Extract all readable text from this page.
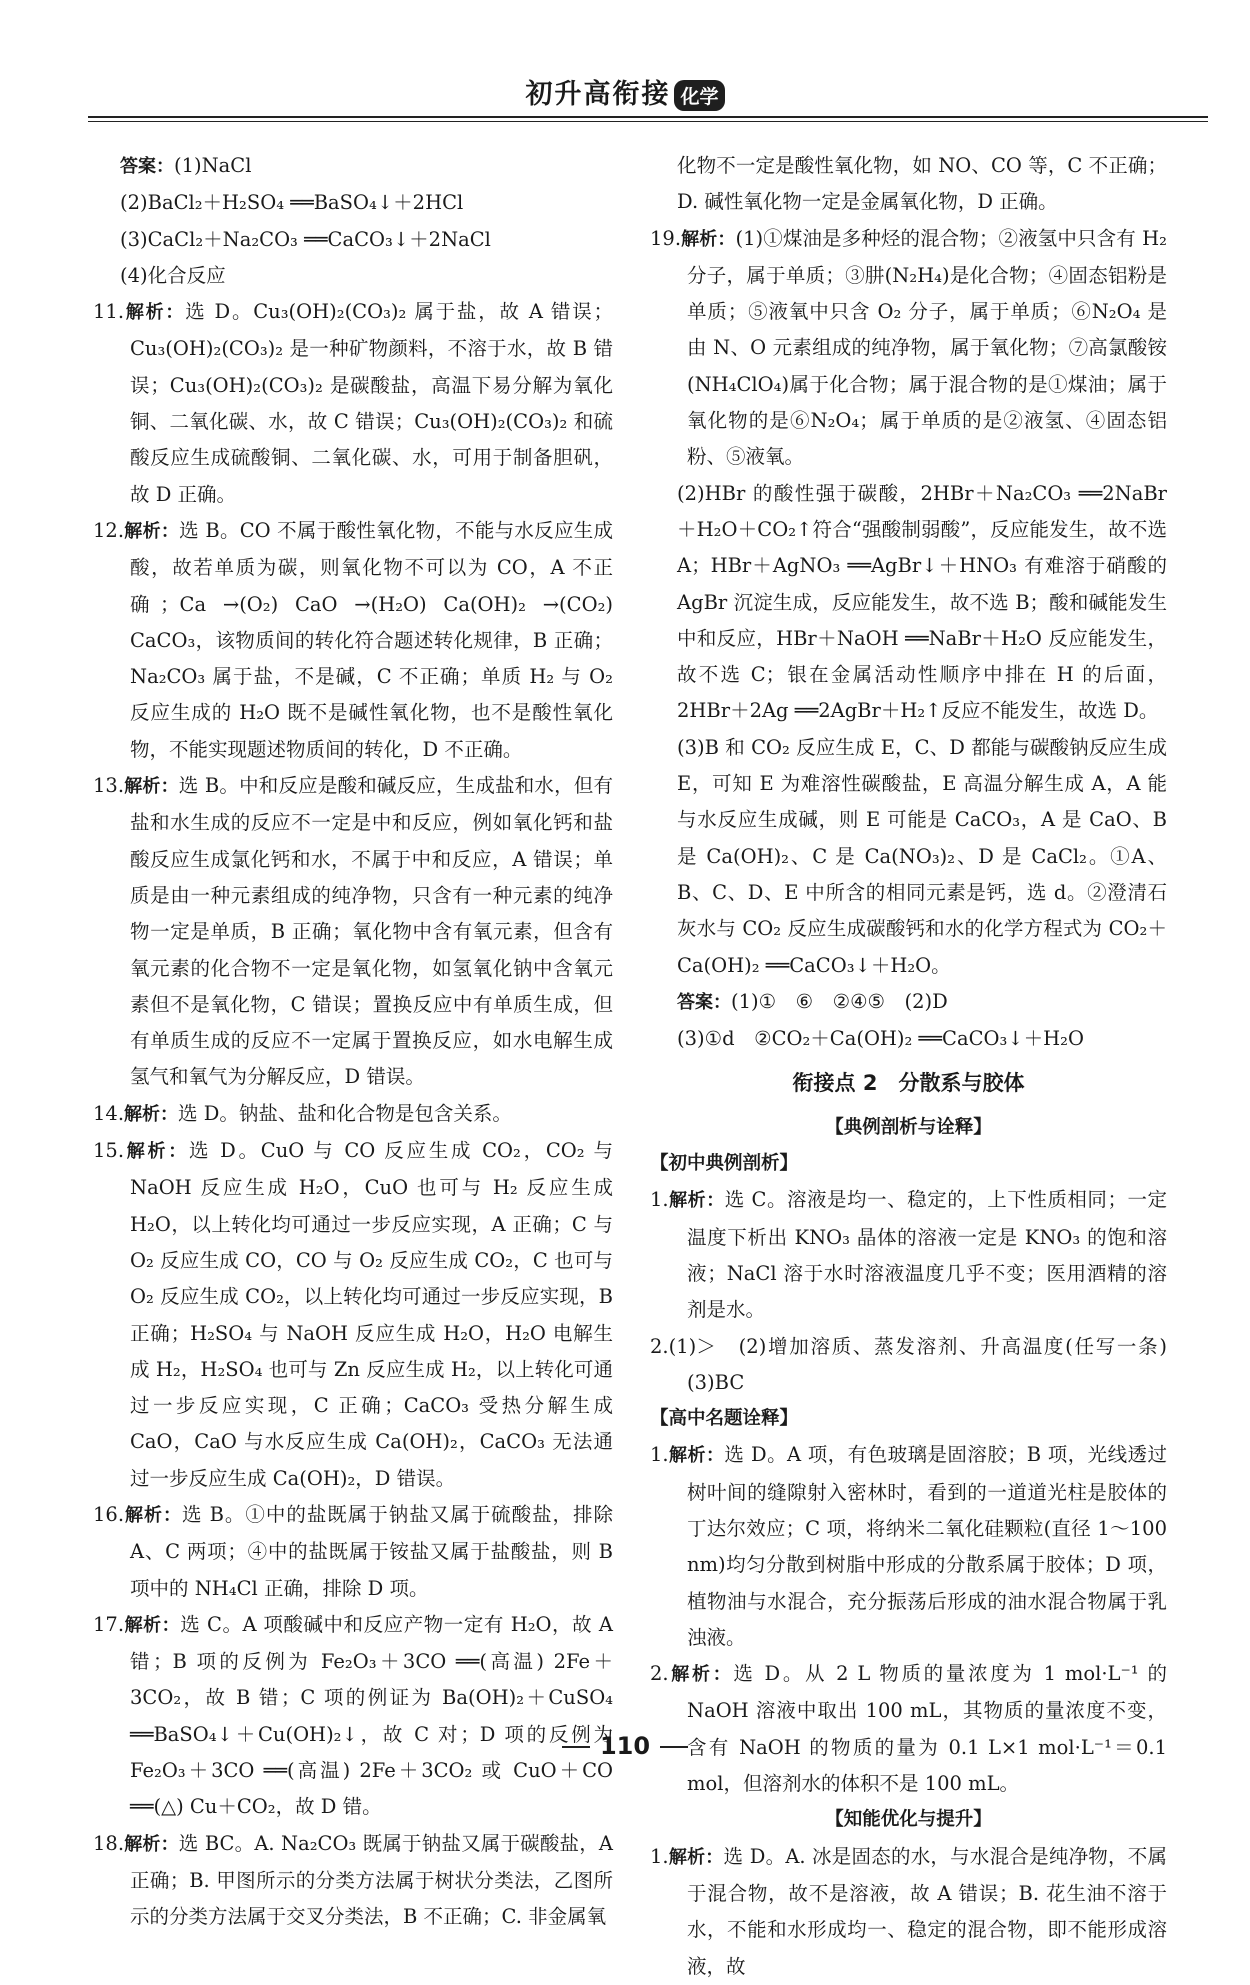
初升高衔接 化学

答案：(1)NaCl

(2)BaCl₂＋H₂SO₄ ══BaSO₄↓＋2HCl

(3)CaCl₂＋Na₂CO₃ ══CaCO₃↓＋2NaCl

(4)化合反应

11.解析：选 D。Cu₃(OH)₂(CO₃)₂ 属于盐，故 A 错误；Cu₃(OH)₂(CO₃)₂ 是一种矿物颜料，不溶于水，故 B 错误；Cu₃(OH)₂(CO₃)₂ 是碳酸盐，高温下易分解为氧化铜、二氧化碳、水，故 C 错误；Cu₃(OH)₂(CO₃)₂ 和硫酸反应生成硫酸铜、二氧化碳、水，可用于制备胆矾，故 D 正确。

12.解析：选 B。CO 不属于酸性氧化物，不能与水反应生成酸，故若单质为碳，则氧化物不可以为 CO，A 不正确；Ca →(O₂) CaO →(H₂O) Ca(OH)₂ →(CO₂) CaCO₃，该物质间的转化符合题述转化规律，B 正确；Na₂CO₃ 属于盐，不是碱，C 不正确；单质 H₂ 与 O₂ 反应生成的 H₂O 既不是碱性氧化物，也不是酸性氧化物，不能实现题述物质间的转化，D 不正确。

13.解析：选 B。中和反应是酸和碱反应，生成盐和水，但有盐和水生成的反应不一定是中和反应，例如氧化钙和盐酸反应生成氯化钙和水，不属于中和反应，A 错误；单质是由一种元素组成的纯净物，只含有一种元素的纯净物一定是单质，B 正确；氧化物中含有氧元素，但含有氧元素的化合物不一定是氧化物，如氢氧化钠中含氧元素但不是氧化物，C 错误；置换反应中有单质生成，但有单质生成的反应不一定属于置换反应，如水电解生成氢气和氧气为分解反应，D 错误。

14.解析：选 D。钠盐、盐和化合物是包含关系。

15.解析：选 D。CuO 与 CO 反应生成 CO₂，CO₂ 与 NaOH 反应生成 H₂O，CuO 也可与 H₂ 反应生成 H₂O，以上转化均可通过一步反应实现，A 正确；C 与 O₂ 反应生成 CO，CO 与 O₂ 反应生成 CO₂，C 也可与 O₂ 反应生成 CO₂，以上转化均可通过一步反应实现，B 正确；H₂SO₄ 与 NaOH 反应生成 H₂O，H₂O 电解生成 H₂，H₂SO₄ 也可与 Zn 反应生成 H₂，以上转化可通过一步反应实现，C 正确；CaCO₃ 受热分解生成 CaO，CaO 与水反应生成 Ca(OH)₂，CaCO₃ 无法通过一步反应生成 Ca(OH)₂，D 错误。

16.解析：选 B。①中的盐既属于钠盐又属于硫酸盐，排除 A、C 两项；④中的盐既属于铵盐又属于盐酸盐，则 B 项中的 NH₄Cl 正确，排除 D 项。

17.解析：选 C。A 项酸碱中和反应产物一定有 H₂O，故 A 错；B 项的反例为 Fe₂O₃＋3CO ══(高温) 2Fe＋3CO₂，故 B 错；C 项的例证为 Ba(OH)₂＋CuSO₄ ══BaSO₄↓＋Cu(OH)₂↓，故 C 对；D 项的反例为 Fe₂O₃＋3CO ══(高温) 2Fe＋3CO₂ 或 CuO＋CO ══(△) Cu＋CO₂，故 D 错。

18.解析：选 BC。A. Na₂CO₃ 既属于钠盐又属于碳酸盐，A 正确；B. 甲图所示的分类方法属于树状分类法，乙图所示的分类方法属于交叉分类法，B 不正确；C. 非金属氧

化物不一定是酸性氧化物，如 NO、CO 等，C 不正确；D. 碱性氧化物一定是金属氧化物，D 正确。

19.解析：(1)①煤油是多种烃的混合物；②液氢中只含有 H₂ 分子，属于单质；③肼(N₂H₄)是化合物；④固态铝粉是单质；⑤液氧中只含 O₂ 分子，属于单质；⑥N₂O₄ 是由 N、O 元素组成的纯净物，属于氧化物；⑦高氯酸铵(NH₄ClO₄)属于化合物；属于混合物的是①煤油；属于氧化物的是⑥N₂O₄；属于单质的是②液氢、④固态铝粉、⑤液氧。

(2)HBr 的酸性强于碳酸，2HBr＋Na₂CO₃ ══2NaBr＋H₂O＋CO₂↑符合“强酸制弱酸”，反应能发生，故不选 A；HBr＋AgNO₃ ══AgBr↓＋HNO₃ 有难溶于硝酸的 AgBr 沉淀生成，反应能发生，故不选 B；酸和碱能发生中和反应，HBr＋NaOH ══NaBr＋H₂O 反应能发生，故不选 C；银在金属活动性顺序中排在 H 的后面，2HBr＋2Ag ══2AgBr＋H₂↑反应不能发生，故选 D。

(3)B 和 CO₂ 反应生成 E，C、D 都能与碳酸钠反应生成 E，可知 E 为难溶性碳酸盐，E 高温分解生成 A，A 能与水反应生成碱，则 E 可能是 CaCO₃，A 是 CaO、B 是 Ca(OH)₂、C 是 Ca(NO₃)₂、D 是 CaCl₂。①A、B、C、D、E 中所含的相同元素是钙，选 d。②澄清石灰水与 CO₂ 反应生成碳酸钙和水的化学方程式为 CO₂＋Ca(OH)₂ ══CaCO₃↓＋H₂O。

答案：(1)①　⑥　②④⑤　(2)D

(3)①d　②CO₂＋Ca(OH)₂ ══CaCO₃↓＋H₂O

衔接点 2　分散系与胶体

【典例剖析与诠释】

【初中典例剖析】

1.解析：选 C。溶液是均一、稳定的，上下性质相同；一定温度下析出 KNO₃ 晶体的溶液一定是 KNO₃ 的饱和溶液；NaCl 溶于水时溶液温度几乎不变；医用酒精的溶剂是水。

2.(1)＞　(2)增加溶质、蒸发溶剂、升高温度(任写一条)　(3)BC

【高中名题诠释】

1.解析：选 D。A 项，有色玻璃是固溶胶；B 项，光线透过树叶间的缝隙射入密林时，看到的一道道光柱是胶体的丁达尔效应；C 项，将纳米二氧化硅颗粒(直径 1～100 nm)均匀分散到树脂中形成的分散系属于胶体；D 项，植物油与水混合，充分振荡后形成的油水混合物属于乳浊液。

2.解析：选 D。从 2 L 物质的量浓度为 1 mol·L⁻¹ 的 NaOH 溶液中取出 100 mL，其物质的量浓度不变，含有 NaOH 的物质的量为 0.1 L×1 mol·L⁻¹＝0.1 mol，但溶剂水的体积不是 100 mL。

【知能优化与提升】

1.解析：选 D。A. 冰是固态的水，与水混合是纯净物，不属于混合物，故不是溶液，故 A 错误；B. 花生油不溶于水，不能和水形成均一、稳定的混合物，即不能形成溶液，故

110
